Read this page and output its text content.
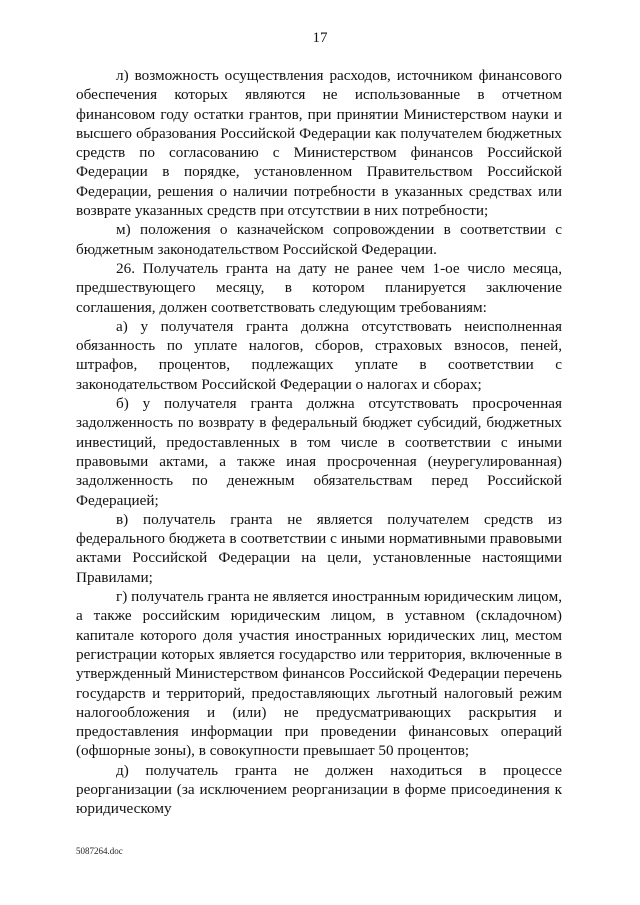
17

л) возможность осуществления расходов, источником финансового обеспечения которых являются не использованные в отчетном финансовом году остатки грантов, при принятии Министерством науки и высшего образования Российской Федерации как получателем бюджетных средств по согласованию с Министерством финансов Российской Федерации в порядке, установленном Правительством Российской Федерации, решения о наличии потребности в указанных средствах или возврате указанных средств при отсутствии в них потребности;

м) положения о казначейском сопровождении в соответствии с бюджетным законодательством Российской Федерации.

26. Получатель гранта на дату не ранее чем 1-ое число месяца, предшествующего месяцу, в котором планируется заключение соглашения, должен соответствовать следующим требованиям:

а) у получателя гранта должна отсутствовать неисполненная обязанность по уплате налогов, сборов, страховых взносов, пеней, штрафов, процентов, подлежащих уплате в соответствии с законодательством Российской Федерации о налогах и сборах;

б) у получателя гранта должна отсутствовать просроченная задолженность по возврату в федеральный бюджет субсидий, бюджетных инвестиций, предоставленных в том числе в соответствии с иными правовыми актами, а также иная просроченная (неурегулированная) задолженность по денежным обязательствам перед Российской Федерацией;

в) получатель гранта не является получателем средств из федерального бюджета в соответствии с иными нормативными правовыми актами Российской Федерации на цели, установленные настоящими Правилами;

г) получатель гранта не является иностранным юридическим лицом, а также российским юридическим лицом, в уставном (складочном) капитале которого доля участия иностранных юридических лиц, местом регистрации которых является государство или территория, включенные в утвержденный Министерством финансов Российской Федерации перечень государств и территорий, предоставляющих льготный налоговый режим налогообложения и (или) не предусматривающих раскрытия и предоставления информации при проведении финансовых операций (офшорные зоны), в совокупности превышает 50 процентов;

д) получатель гранта не должен находиться в процессе реорганизации (за исключением реорганизации в форме присоединения к юридическому

5087264.doc
